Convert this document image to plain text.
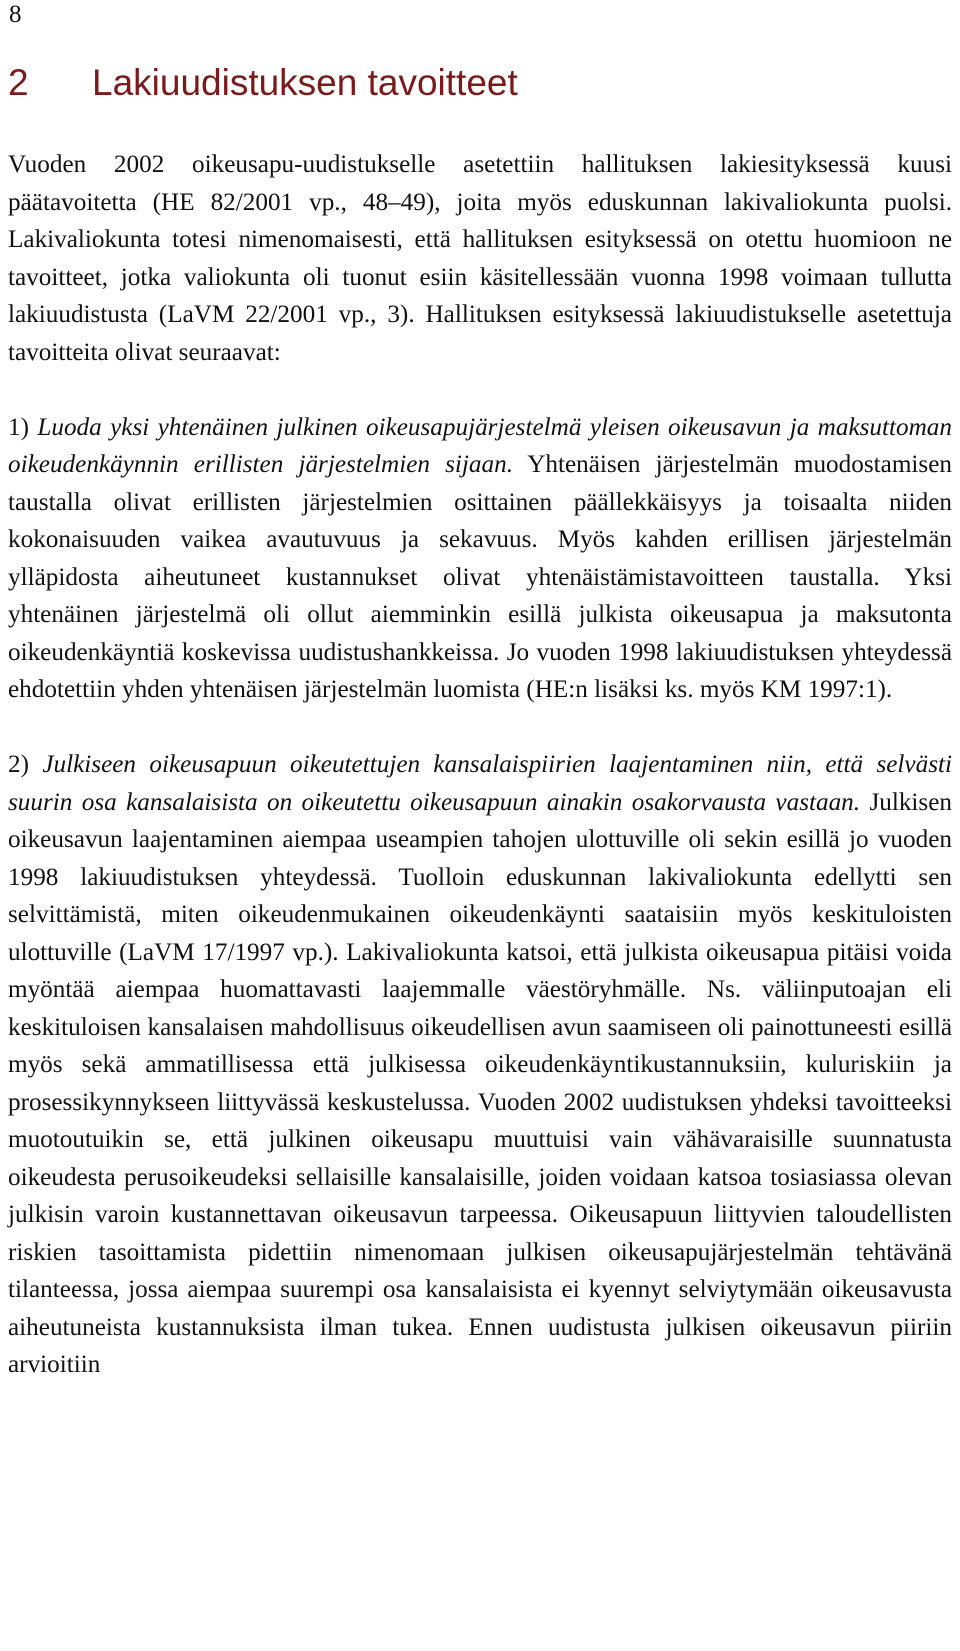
8
2 Lakiuudistuksen tavoitteet

Vuoden 2002 oikeusapu-uudistukselle asetettiin hallituksen lakiesityksessä kuusi päätavoitetta (HE 82/2001 vp., 48–49), joita myös eduskunnan lakivaliokunta puolsi. Lakivaliokunta totesi nimenomaisesti, että hallituksen esityksessä on otettu huomioon ne tavoitteet, jotka valiokunta oli tuonut esiin käsitellessään vuonna 1998 voimaan tullutta lakiuudistusta (LaVM 22/2001 vp., 3). Hallituksen esityksessä lakiuudistukselle asetettuja tavoitteita olivat seuraavat:

1) Luoda yksi yhtenäinen julkinen oikeusapujärjestelmä yleisen oikeusavun ja maksuttoman oikeudenkäynnin erillisten järjestelmien sijaan. Yhtenäisen järjestelmän muodostamisen taustalla olivat erillisten järjestelmien osittainen päällekkäisyys ja toisaalta niiden kokonaisuuden vaikea avautuvuus ja sekavuus. Myös kahden erillisen järjestelmän ylläpidosta aiheutuneet kustannukset olivat yhtenäistämistavoitteen taustalla. Yksi yhtenäinen järjestelmä oli ollut aiemminkin esillä julkista oikeusapua ja maksutonta oikeudenkäyntiä koskevissa uudistushankkeissa. Jo vuoden 1998 lakiuudistuksen yhteydessä ehdotettiin yhden yhtenäisen järjestelmän luomista (HE:n lisäksi ks. myös KM 1997:1).

2) Julkiseen oikeusapuun oikeutettujen kansalaispiirien laajentaminen niin, että selvästi suurin osa kansalaisista on oikeutettu oikeusapuun ainakin osakorvausta vastaan. Julkisen oikeusavun laajentaminen aiempaa useampien tahojen ulottuville oli sekin esillä jo vuoden 1998 lakiuudistuksen yhteydessä. Tuolloin eduskunnan lakivaliokunta edellytti sen selvittämistä, miten oikeudenmukainen oikeudenkäynti saataisiin myös keskituloisten ulottuville (LaVM 17/1997 vp.). Lakivaliokunta katsoi, että julkista oikeusapua pitäisi voida myöntää aiempaa huomattavasti laajemmalle väestöryhmälle. Ns. väliinputoajan eli keskituloisen kansalaisen mahdollisuus oikeudellisen avun saamiseen oli painottuneesti esillä myös sekä ammatillisessa että julkisessa oikeudenkäyntikustannuksiin, kuluriskiin ja prosessikynnykseen liittyvässä keskustelussa. Vuoden 2002 uudistuksen yhdeksi tavoitteeksi muotoutuikin se, että julkinen oikeusapu muuttuisi vain vähävaraisille suunnatusta oikeudesta perusoikeudeksi sellaisille kansalaisille, joiden voidaan katsoa tosiasiassa olevan julkisin varoin kustannettavan oikeusavun tarpeessa. Oikeusapuun liittyvien taloudellisten riskien tasoittamista pidettiin nimenomaan julkisen oikeusapujärjestelmän tehtävänä tilanteessa, jossa aiempaa suurempi osa kansalaisista ei kyennyt selviytymään oikeusavusta aiheutuneista kustannuksista ilman tukea. Ennen uudistusta julkisen oikeusavun piiriin arvioitiin
